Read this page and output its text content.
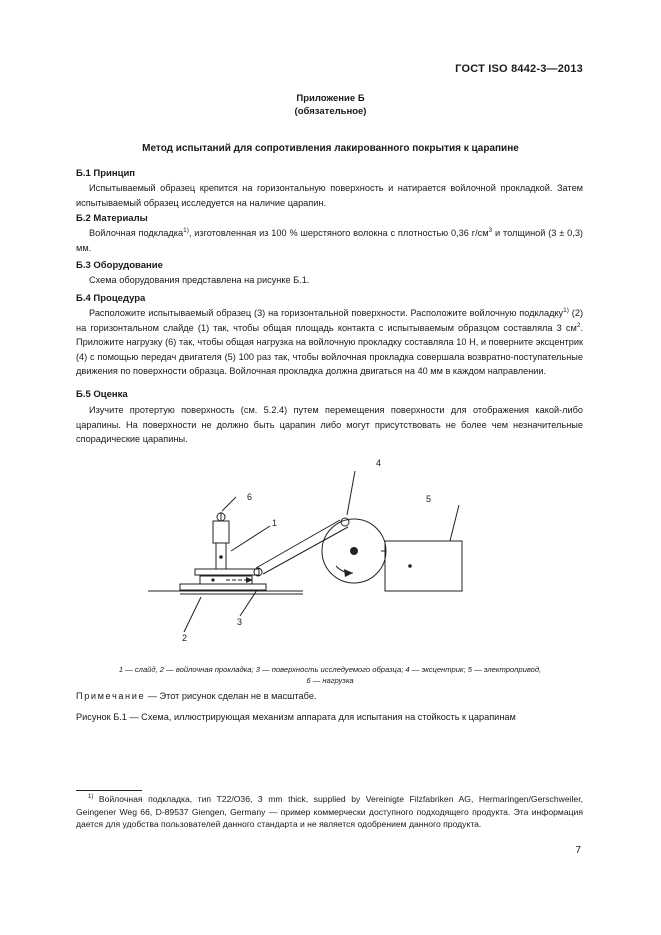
ГОСТ ISO 8442-3—2013
Приложение Б
(обязательное)
Метод испытаний для сопротивления лакированного покрытия к царапине
Б.1 Принцип
Испытываемый образец крепится на горизонтальную поверхность и натирается войлочной прокладкой. Затем испытываемый образец исследуется на наличие царапин.
Б.2 Материалы
Войлочная подкладка$^{1)}$, изготовленная из 100 % шерстяного волокна с плотностью 0,36 $г/см^3$ и толщиной (3 ± 0,3) мм.
Б.3 Оборудование
Схема оборудования представлена на рисунке Б.1.
Б.4 Процедура
Расположите испытываемый образец (3) на горизонтальной поверхности. Расположите войлочную подкладку$^{1)}$ (2) на горизонтальном слайде (1) так, чтобы общая площадь контакта с испытываемым образцом составляла 3 $см^2$. Приложите нагрузку (6) так, чтобы общая нагрузка на войлочную прокладку составляла 10 Н, и поверните эксцентрик (4) с помощью передач двигателя (5) 100 раз так, чтобы войлочная прокладка совершала возвратно-поступательные движения по поверхности образца. Войлочная прокладка должна двигаться на 40 мм в каждом направлении.
Б.5 Оценка
Изучите протертую поверхность (см. 5.2.4) путем перемещения поверхности для отображения какой-либо царапины. На поверхности не должно быть царапин либо могут присутствовать не более чем незначительные спорадические царапины.
1
2
3
4
5
6
1 — слайд, 2 — войлочная прокладка; 3 — поверхность исследуемого образца; 4 — эксцентрик; 5 — электропривод,
6 — нагрузка
Примечание — Этот рисунок сделан не в масштабе.
Рисунок Б.1 — Схема, иллюстрирующая механизм аппарата для испытания на стойкость к царапинам
$^{1)}$ Войлочная подкладка, тип T22/O36, 3 mm thick, supplied by Vereinigte Filzfabriken AG, Hermaringen/Gerschweiler, Geingener Weg 66, D-89537 Giengen, Germany — пример коммерчески доступного подходящего продукта. Эта информация дается для удобства пользователей данного стандарта и не является одобрением данного продукта.
7
